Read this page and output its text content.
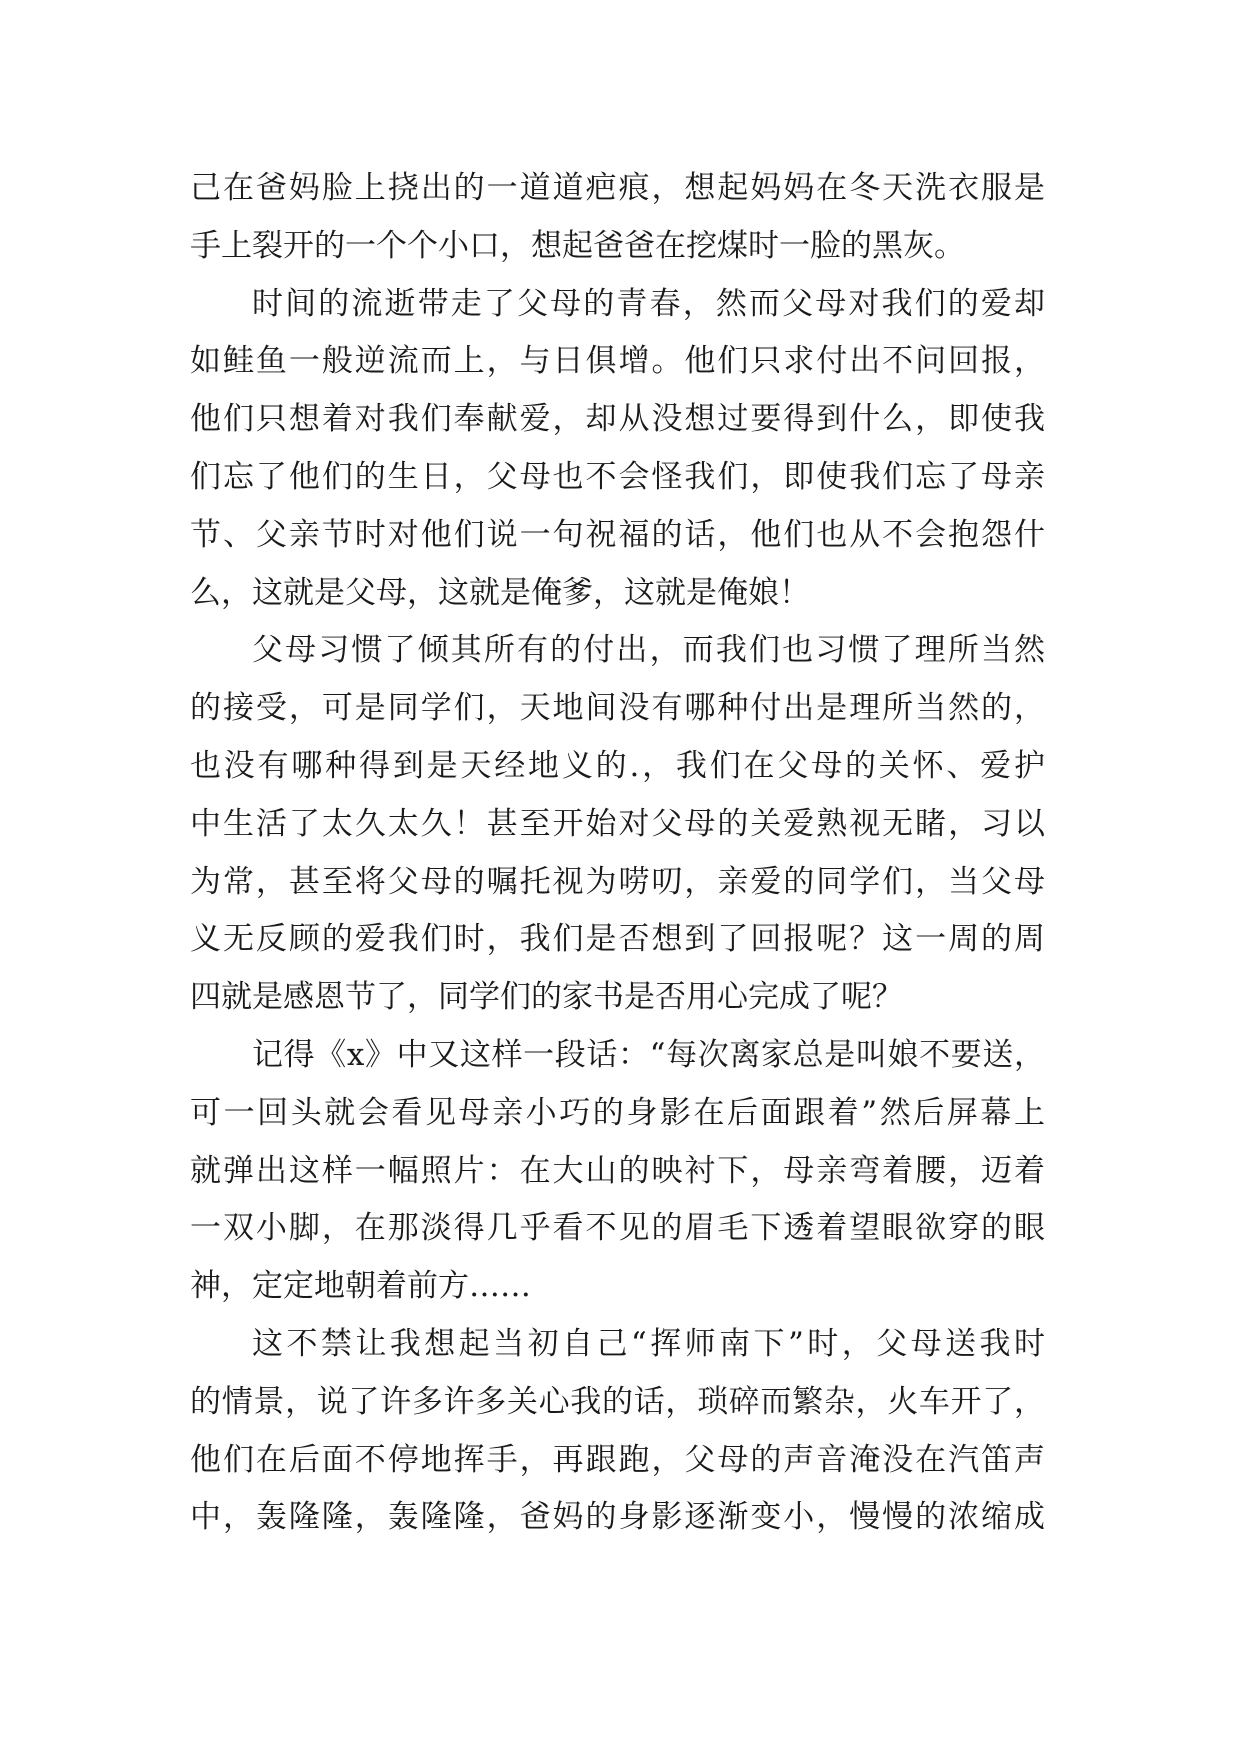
己在爸妈脸上挠出的一道道疤痕，想起妈妈在冬天洗衣服是
手上裂开的一个个小口，想起爸爸在挖煤时一脸的黑灰。
时间的流逝带走了父母的青春，然而父母对我们的爱却
如鲑鱼一般逆流而上，与日俱增。他们只求付出不问回报，
他们只想着对我们奉献爱，却从没想过要得到什么，即使我
们忘了他们的生日，父母也不会怪我们，即使我们忘了母亲
节、父亲节时对他们说一句祝福的话，他们也从不会抱怨什
么，这就是父母，这就是俺爹，这就是俺娘！
父母习惯了倾其所有的付出，而我们也习惯了理所当然
的接受，可是同学们，天地间没有哪种付出是理所当然的，
也没有哪种得到是天经地义的.，我们在父母的关怀、爱护
中生活了太久太久！甚至开始对父母的关爱熟视无睹，习以
为常，甚至将父母的嘱托视为唠叨，亲爱的同学们，当父母
义无反顾的爱我们时，我们是否想到了回报呢？这一周的周
四就是感恩节了，同学们的家书是否用心完成了呢？
记得《x》中又这样一段话：“每次离家总是叫娘不要送，
可一回头就会看见母亲小巧的身影在后面跟着”然后屏幕上
就弹出这样一幅照片：在大山的映衬下，母亲弯着腰，迈着
一双小脚，在那淡得几乎看不见的眉毛下透着望眼欲穿的眼
神，定定地朝着前方……
这不禁让我想起当初自己“挥师南下”时，父母送我时
的情景，说了许多许多关心我的话，琐碎而繁杂，火车开了，
他们在后面不停地挥手，再跟跑，父母的声音淹没在汽笛声
中，轰隆隆，轰隆隆，爸妈的身影逐渐变小，慢慢的浓缩成
